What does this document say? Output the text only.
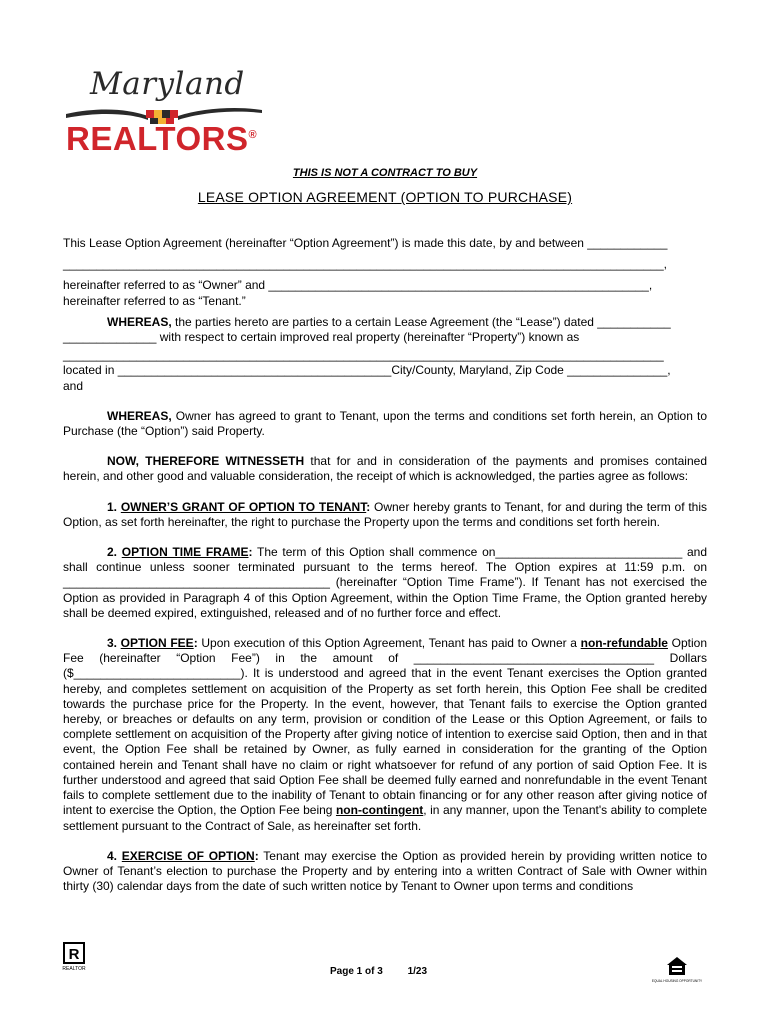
Maryland
REALTORS®
THIS IS NOT A CONTRACT TO BUY
LEASE OPTION AGREEMENT (OPTION TO PURCHASE)

This Lease Option Agreement (hereinafter “Option Agreement”) is made this date, by and between ____________
__________________________________________________________________________________________,
hereinafter referred to as “Owner” and _________________________________________________________,
hereinafter referred to as “Tenant.”

WHEREAS, the parties hereto are parties to a certain Lease Agreement (the “Lease”) dated ___________
______________ with respect to certain improved real property (hereinafter “Property”) known as
__________________________________________________________________________________________
located in _________________________________________City/County, Maryland, Zip Code _______________,
and

WHEREAS, Owner has agreed to grant to Tenant, upon the terms and conditions set forth herein, an Option to Purchase (the “Option”) said Property.

NOW, THEREFORE WITNESSETH that for and in consideration of the payments and promises contained herein, and other good and valuable consideration, the receipt of which is acknowledged, the parties agree as follows:

1. OWNER’S GRANT OF OPTION TO TENANT: Owner hereby grants to Tenant, for and during the term of this Option, as set forth hereinafter, the right to purchase the Property upon the terms and conditions set forth herein.

2. OPTION TIME FRAME: The term of this Option shall commence on____________________________ and shall continue unless sooner terminated pursuant to the terms hereof. The Option expires at 11:59 p.m. on ________________________________________ (hereinafter “Option Time Frame”). If Tenant has not exercised the Option as provided in Paragraph 4 of this Option Agreement, within the Option Time Frame, the Option granted hereby shall be deemed expired, extinguished, released and of no further force and effect.

3. OPTION FEE: Upon execution of this Option Agreement, Tenant has paid to Owner a non-refundable Option Fee (hereinafter “Option Fee”) in the amount of ____________________________________ Dollars ($_________________________). It is understood and agreed that in the event Tenant exercises the Option granted hereby, and completes settlement on acquisition of the Property as set forth herein, this Option Fee shall be credited towards the purchase price for the Property. In the event, however, that Tenant fails to exercise the Option granted hereby, or breaches or defaults on any term, provision or condition of the Lease or this Option Agreement, or fails to complete settlement on acquisition of the Property after giving notice of intention to exercise said Option, then and in that event, the Option Fee shall be retained by Owner, as fully earned in consideration for the granting of the Option contained herein and Tenant shall have no claim or right whatsoever for refund of any portion of said Option Fee. It is further understood and agreed that said Option Fee shall be deemed fully earned and nonrefundable in the event Tenant fails to complete settlement due to the inability of Tenant to obtain financing or for any other reason after giving notice of intent to exercise the Option, the Option Fee being non-contingent, in any manner, upon the Tenant's ability to complete settlement pursuant to the Contract of Sale, as hereinafter set forth.

4. EXERCISE OF OPTION: Tenant may exercise the Option as provided herein by providing written notice to Owner of Tenant’s election to purchase the Property and by entering into a written Contract of Sale with Owner within thirty (30) calendar days from the date of such written notice by Tenant to Owner upon terms and conditions

R
REALTOR	Page 1 of 3 1/23
EQUAL HOUSING OPPORTUNITY
